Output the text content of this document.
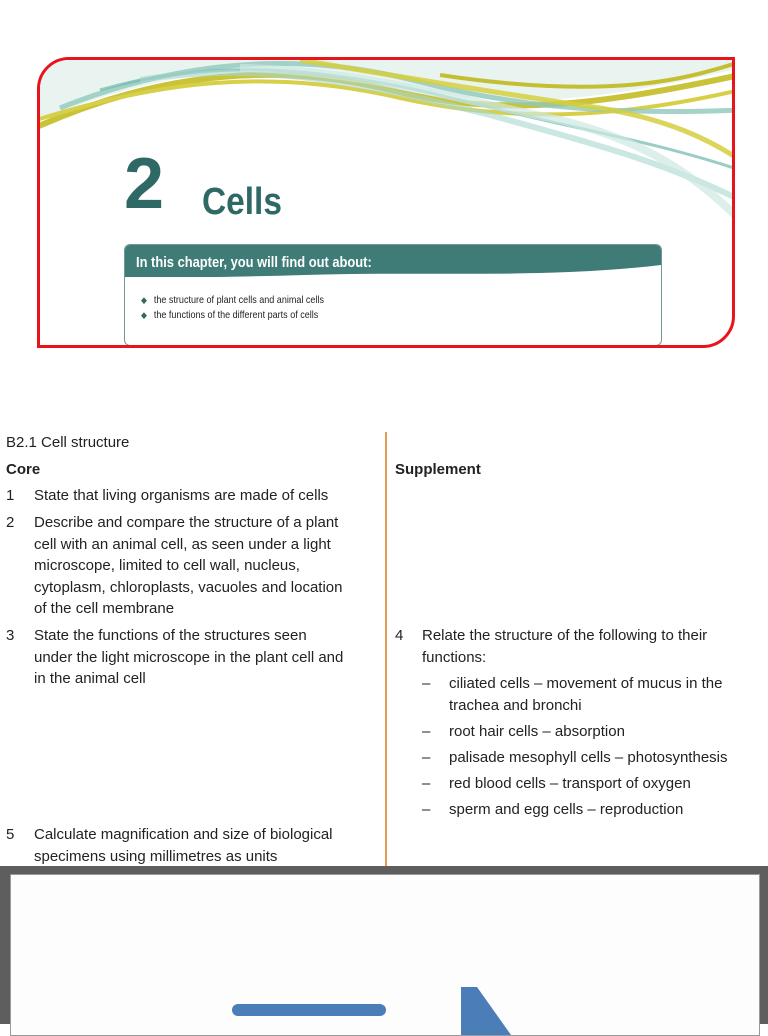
2 Cells
In this chapter, you will find out about:
◆ the structure of plant cells and animal cells
◆ the functions of the different parts of cells
B2.1 Cell structure
Core	Supplement
1 State that living organisms are made of cells
2 Describe and compare the structure of a plant
cell with an animal cell, as seen under a light
microscope, limited to cell wall, nucleus,
cytoplasm, chloroplasts, vacuoles and location
of the cell membrane
3 State the functions of the structures seen
under the light microscope in the plant cell and
in the animal cell
5 Calculate magnification and size of biological
specimens using millimetres as units
4 Relate the structure of the following to their
functions:
– ciliated cells – movement of mucus in the
trachea and bronchi
– root hair cells – absorption
– palisade mesophyll cells – photosynthesis
– red blood cells – transport of oxygen
– sperm and egg cells – reproduction
